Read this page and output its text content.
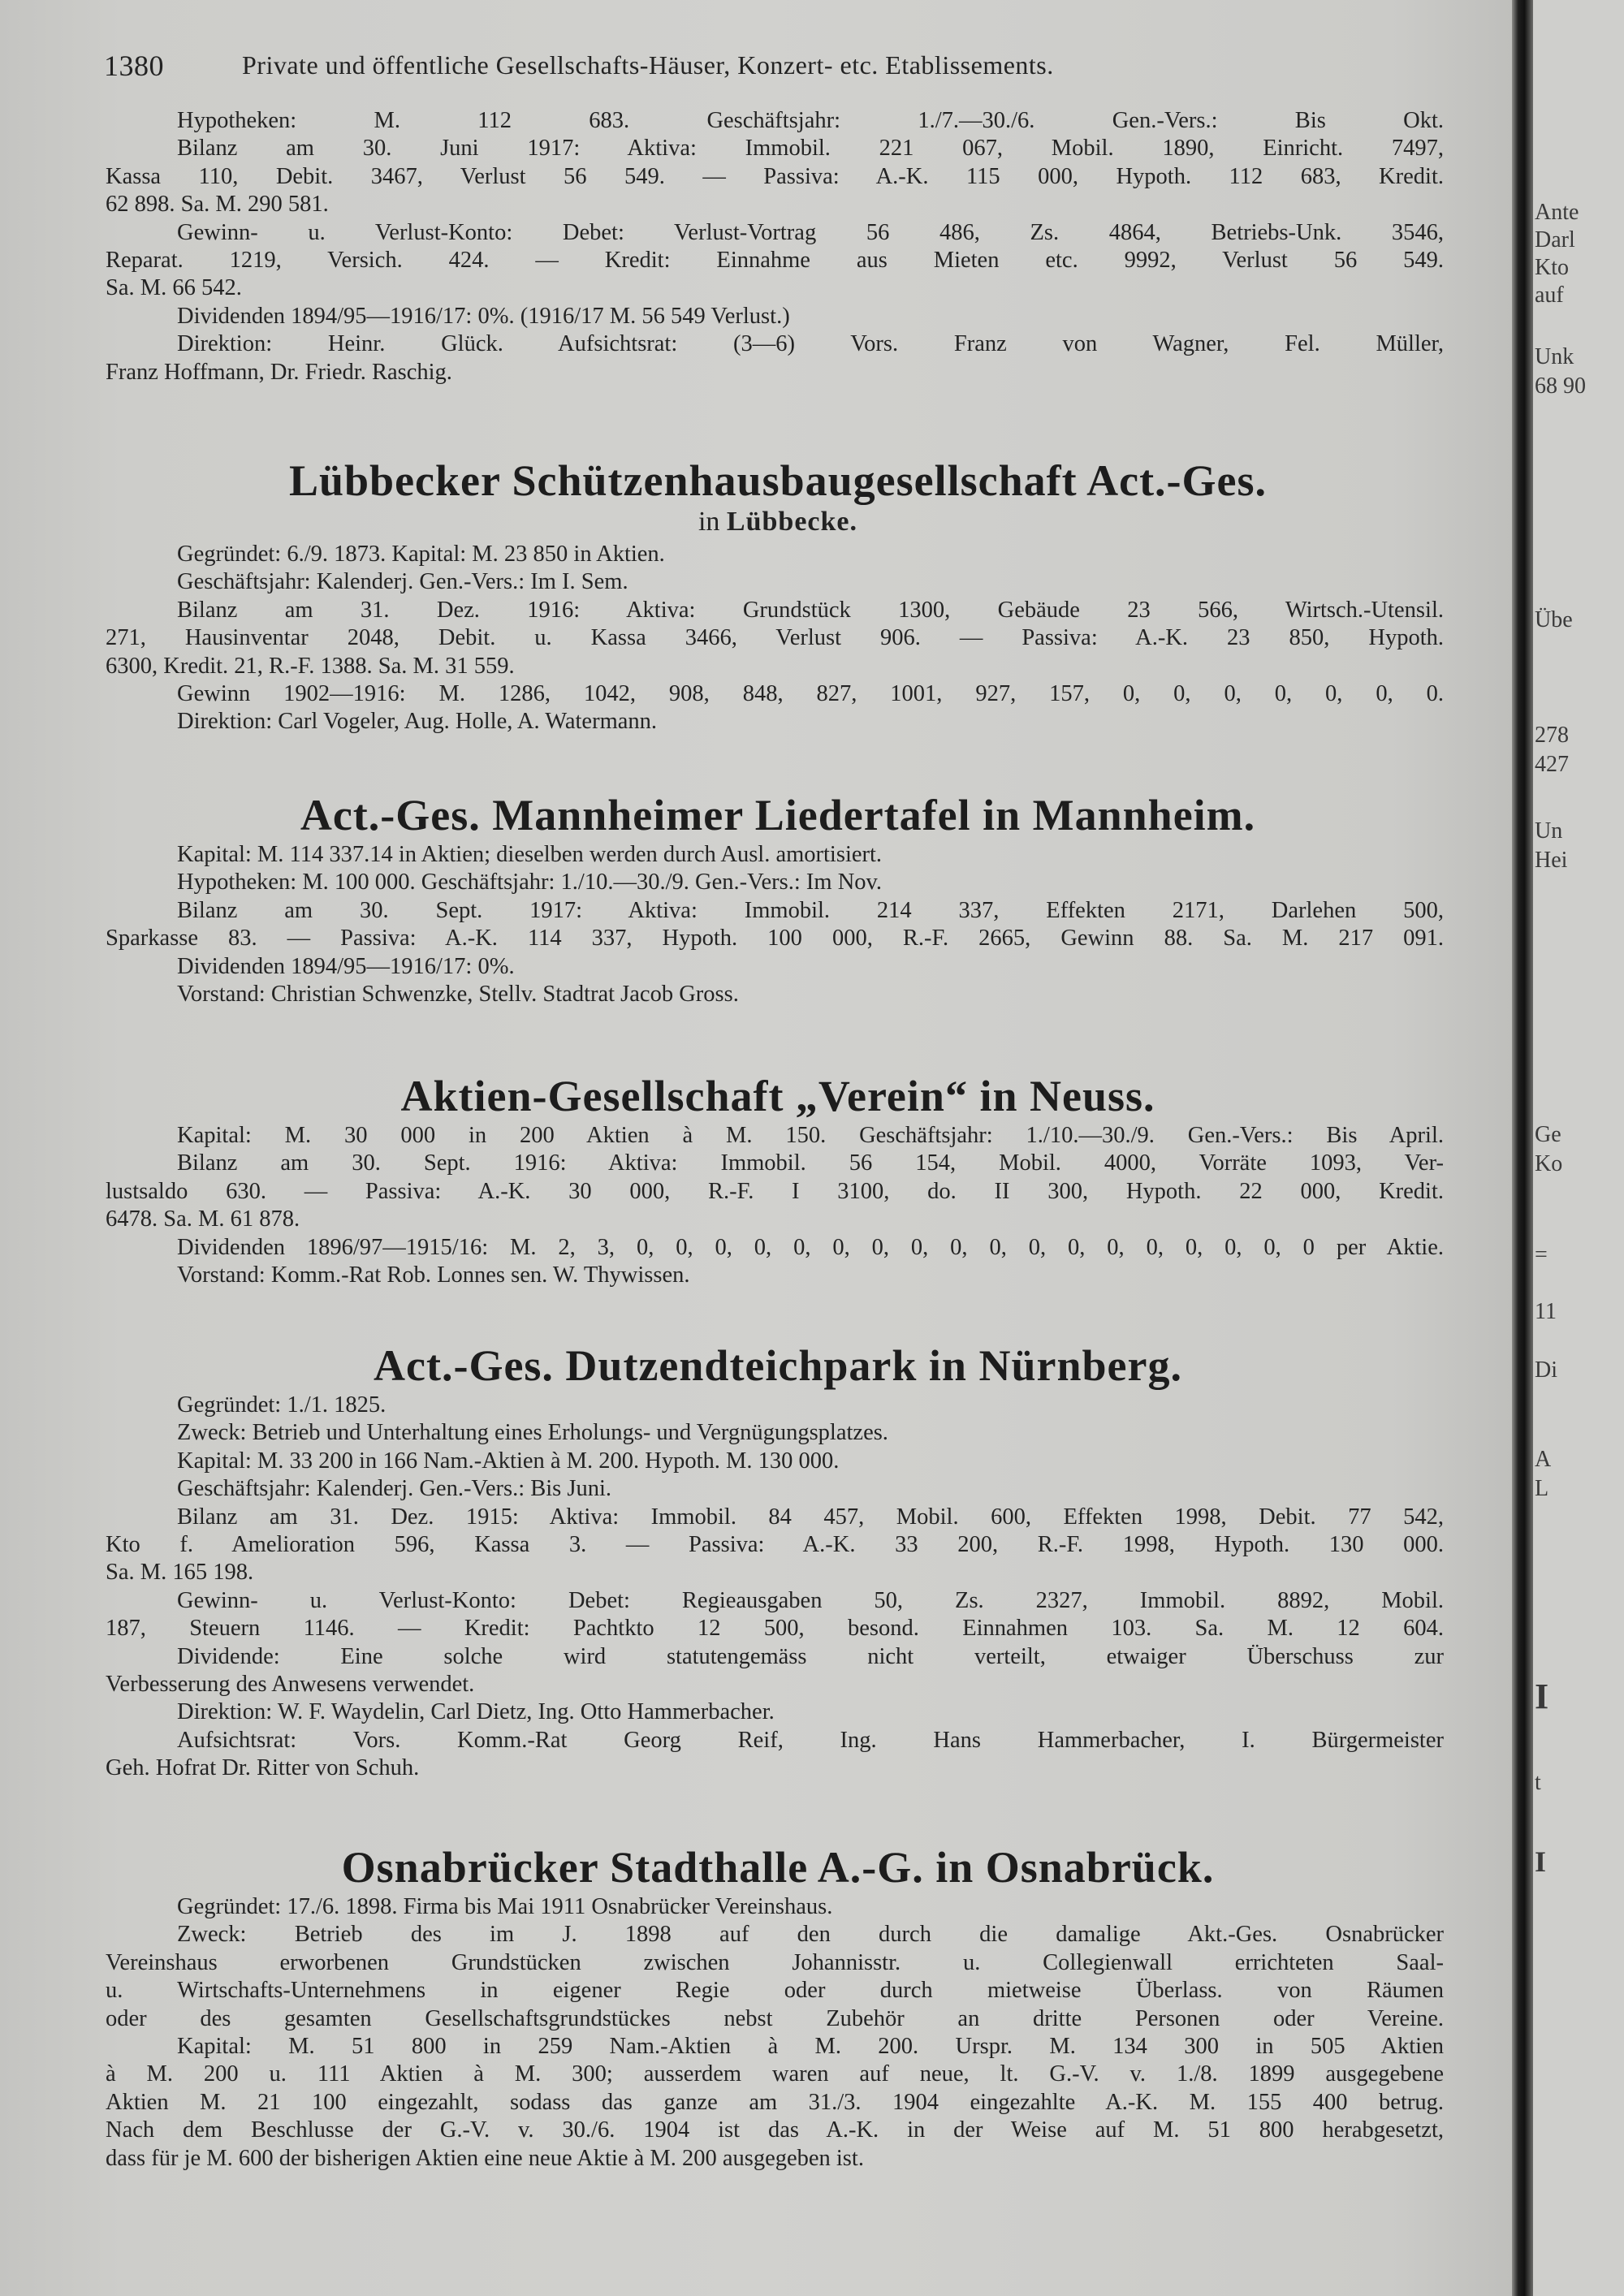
1380	Private und öffentliche Gesellschafts-Häuser, Konzert- etc. Etablissements.
Hypotheken: M. 112 683. Geschäftsjahr: 1./7.—30./6. Gen.-Vers.: Bis Okt.
Bilanz am 30. Juni 1917: Aktiva: Immobil. 221 067, Mobil. 1890, Einricht. 7497,
Kassa 110, Debit. 3467, Verlust 56 549. — Passiva: A.-K. 115 000, Hypoth. 112 683, Kredit.
62 898. Sa. M. 290 581.
Gewinn- u. Verlust-Konto: Debet: Verlust-Vortrag 56 486, Zs. 4864, Betriebs-Unk. 3546,
Reparat. 1219, Versich. 424. — Kredit: Einnahme aus Mieten etc. 9992, Verlust 56 549.
Sa. M. 66 542.
Dividenden 1894/95—1916/17: 0%. (1916/17 M. 56 549 Verlust.)
Direktion: Heinr. Glück. Aufsichtsrat: (3—6) Vors. Franz von Wagner, Fel. Müller,
Franz Hoffmann, Dr. Friedr. Raschig.
Lübbecker Schützenhausbaugesellschaft Act.-Ges.
in Lübbecke.
Gegründet: 6./9. 1873. Kapital: M. 23 850 in Aktien.
Geschäftsjahr: Kalenderj. Gen.-Vers.: Im I. Sem.
Bilanz am 31. Dez. 1916: Aktiva: Grundstück 1300, Gebäude 23 566, Wirtsch.-Utensil.
271, Hausinventar 2048, Debit. u. Kassa 3466, Verlust 906. — Passiva: A.-K. 23 850, Hypoth.
6300, Kredit. 21, R.-F. 1388. Sa. M. 31 559.
Gewinn 1902—1916: M. 1286, 1042, 908, 848, 827, 1001, 927, 157, 0, 0, 0, 0, 0, 0, 0.
Direktion: Carl Vogeler, Aug. Holle, A. Watermann.
Act.-Ges. Mannheimer Liedertafel in Mannheim.
Kapital: M. 114 337.14 in Aktien; dieselben werden durch Ausl. amortisiert.
Hypotheken: M. 100 000. Geschäftsjahr: 1./10.—30./9. Gen.-Vers.: Im Nov.
Bilanz am 30. Sept. 1917: Aktiva: Immobil. 214 337, Effekten 2171, Darlehen 500,
Sparkasse 83. — Passiva: A.-K. 114 337, Hypoth. 100 000, R.-F. 2665, Gewinn 88. Sa. M. 217 091.
Dividenden 1894/95—1916/17: 0%.
Vorstand: Christian Schwenzke, Stellv. Stadtrat Jacob Gross.
Aktien-Gesellschaft „Verein“ in Neuss.
Kapital: M. 30 000 in 200 Aktien à M. 150. Geschäftsjahr: 1./10.—30./9. Gen.-Vers.: Bis April.
Bilanz am 30. Sept. 1916: Aktiva: Immobil. 56 154, Mobil. 4000, Vorräte 1093, Ver-
lustsaldo 630. — Passiva: A.-K. 30 000, R.-F. I 3100, do. II 300, Hypoth. 22 000, Kredit.
6478. Sa. M. 61 878.
Dividenden 1896/97—1915/16: M. 2, 3, 0, 0, 0, 0, 0, 0, 0, 0, 0, 0, 0, 0, 0, 0, 0, 0, 0, 0 per Aktie.
Vorstand: Komm.-Rat Rob. Lonnes sen. W. Thywissen.
Act.-Ges. Dutzendteichpark in Nürnberg.
Gegründet: 1./1. 1825.
Zweck: Betrieb und Unterhaltung eines Erholungs- und Vergnügungsplatzes.
Kapital: M. 33 200 in 166 Nam.-Aktien à M. 200. Hypoth. M. 130 000.
Geschäftsjahr: Kalenderj. Gen.-Vers.: Bis Juni.
Bilanz am 31. Dez. 1915: Aktiva: Immobil. 84 457, Mobil. 600, Effekten 1998, Debit. 77 542,
Kto f. Amelioration 596, Kassa 3. — Passiva: A.-K. 33 200, R.-F. 1998, Hypoth. 130 000.
Sa. M. 165 198.
Gewinn- u. Verlust-Konto: Debet: Regieausgaben 50, Zs. 2327, Immobil. 8892, Mobil.
187, Steuern 1146. — Kredit: Pachtkto 12 500, besond. Einnahmen 103. Sa. M. 12 604.
Dividende: Eine solche wird statutengemäss nicht verteilt, etwaiger Überschuss zur
Verbesserung des Anwesens verwendet.
Direktion: W. F. Waydelin, Carl Dietz, Ing. Otto Hammerbacher.
Aufsichtsrat: Vors. Komm.-Rat Georg Reif, Ing. Hans Hammerbacher, I. Bürgermeister
Geh. Hofrat Dr. Ritter von Schuh.
Osnabrücker Stadthalle A.-G. in Osnabrück.
Gegründet: 17./6. 1898. Firma bis Mai 1911 Osnabrücker Vereinshaus.
Zweck: Betrieb des im J. 1898 auf den durch die damalige Akt.-Ges. Osnabrücker
Vereinshaus erworbenen Grundstücken zwischen Johannisstr. u. Collegienwall errichteten Saal-
u. Wirtschafts-Unternehmens in eigener Regie oder durch mietweise Überlass. von Räumen
oder des gesamten Gesellschaftsgrundstückes nebst Zubehör an dritte Personen oder Vereine.
Kapital: M. 51 800 in 259 Nam.-Aktien à M. 200. Urspr. M. 134 300 in 505 Aktien
à M. 200 u. 111 Aktien à M. 300; ausserdem waren auf neue, lt. G.-V. v. 1./8. 1899 ausgegebene
Aktien M. 21 100 eingezahlt, sodass das ganze am 31./3. 1904 eingezahlte A.-K. M. 155 400 betrug.
Nach dem Beschlusse der G.-V. v. 30./6. 1904 ist das A.-K. in der Weise auf M. 51 800 herabgesetzt,
dass für je M. 600 der bisherigen Aktien eine neue Aktie à M. 200 ausgegeben ist.
Ante
Darl
Kto
auf
Unk
68 90
Übe
278
427
Un
Hei
Ge
Ko
=
11
Di
A
L
I
t
I
